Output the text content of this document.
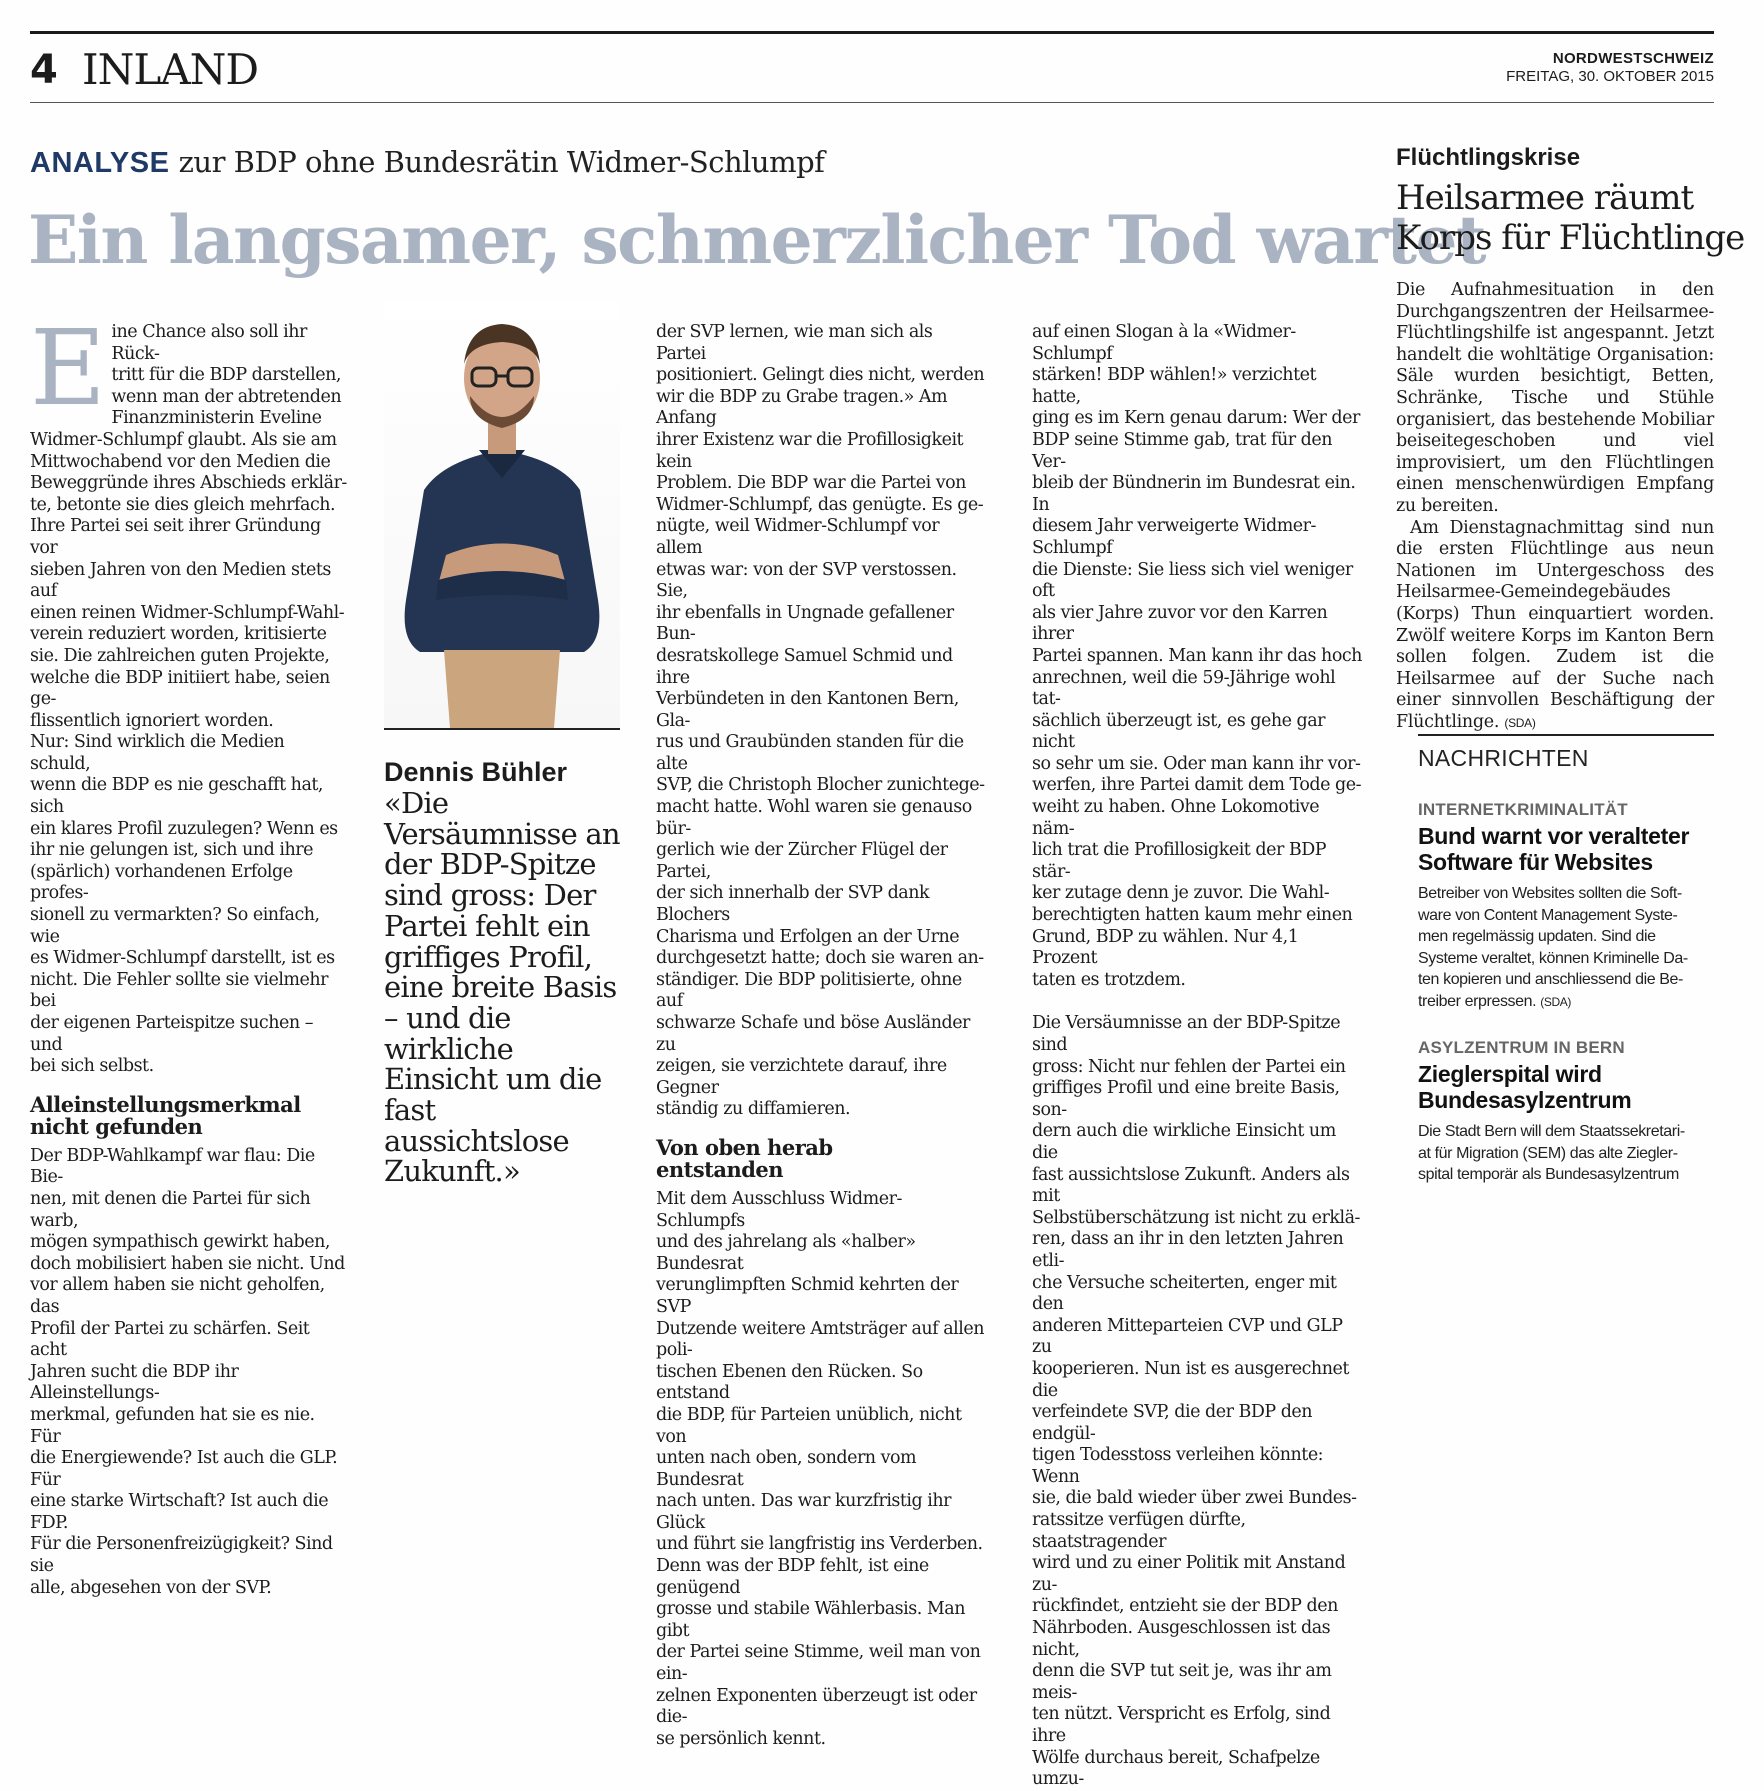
4 INLAND	NORDWESTSCHWEIZ
FREITAG, 30. OKTOBER 2015
ANALYSE zur BDP ohne Bundesrätin Widmer-Schlumpf
Ein langsamer, schmerzlicher Tod wartet
E ine Chance also soll ihr Rück-

tritt für die BDP darstellen,

wenn man der abtretenden

Finanzministerin Eveline

Widmer-Schlumpf glaubt. Als sie am

Mittwochabend vor den Medien die

Beweggründe ihres Abschieds erklär-

te, betonte sie dies gleich mehrfach.

Ihre Partei sei seit ihrer Gründung vor

sieben Jahren von den Medien stets auf

einen reinen Widmer-Schlumpf-Wahl-

verein reduziert worden, kritisierte

sie. Die zahlreichen guten Projekte,

welche die BDP initiiert habe, seien ge-

flissentlich ignoriert worden.

Nur: Sind wirklich die Medien schuld,

wenn die BDP es nie geschafft hat, sich

ein klares Profil zuzulegen? Wenn es

ihr nie gelungen ist, sich und ihre

(spärlich) vorhandenen Erfolge profes-

sionell zu vermarkten? So einfach, wie

es Widmer-Schlumpf darstellt, ist es

nicht. Die Fehler sollte sie vielmehr bei

der eigenen Parteispitze suchen – und

bei sich selbst.

Alleinstellungsmerkmal
nicht gefunden

Der BDP-Wahlkampf war flau: Die Bie-

nen, mit denen die Partei für sich warb,

mögen sympathisch gewirkt haben,

doch mobilisiert haben sie nicht. Und

vor allem haben sie nicht geholfen, das

Profil der Partei zu schärfen. Seit acht

Jahren sucht die BDP ihr Alleinstellungs-

merkmal, gefunden hat sie es nie. Für

die Energiewende? Ist auch die GLP. Für

eine starke Wirtschaft? Ist auch die FDP.

Für die Personenfreizügigkeit? Sind sie

alle, abgesehen von der SVP.

Dennis Bühler
«Die Versäumnisse an der BDP-Spitze sind gross: Der Partei fehlt ein griffiges Profil, eine breite Basis – und die wirkliche Einsicht um die fast aussichtslose Zukunft.»

der SVP lernen, wie man sich als Partei

positioniert. Gelingt dies nicht, werden

wir die BDP zu Grabe tragen.» Am Anfang

ihrer Existenz war die Profillosigkeit kein

Problem. Die BDP war die Partei von

Widmer-Schlumpf, das genügte. Es ge-

nügte, weil Widmer-Schlumpf vor allem

etwas war: von der SVP verstossen. Sie,

ihr ebenfalls in Ungnade gefallener Bun-

desratskollege Samuel Schmid und ihre

Verbündeten in den Kantonen Bern, Gla-

rus und Graubünden standen für die alte

SVP, die Christoph Blocher zunichtege-

macht hatte. Wohl waren sie genauso bür-

gerlich wie der Zürcher Flügel der Partei,

der sich innerhalb der SVP dank Blochers

Charisma und Erfolgen an der Urne

durchgesetzt hatte; doch sie waren an-

ständiger. Die BDP politisierte, ohne auf

schwarze Schafe und böse Ausländer zu

zeigen, sie verzichtete darauf, ihre Gegner

ständig zu diffamieren.

Von oben herab
entstanden

Mit dem Ausschluss Widmer-Schlumpfs

und des jahrelang als «halber» Bundesrat

verunglimpften Schmid kehrten der SVP

Dutzende weitere Amtsträger auf allen poli-

tischen Ebenen den Rücken. So entstand

die BDP, für Parteien unüblich, nicht von

unten nach oben, sondern vom Bundesrat

nach unten. Das war kurzfristig ihr Glück

und führt sie langfristig ins Verderben.

Denn was der BDP fehlt, ist eine genügend

grosse und stabile Wählerbasis. Man gibt

der Partei seine Stimme, weil man von ein-

zelnen Exponenten überzeugt ist oder die-

se persönlich kennt.

auf einen Slogan à la «Widmer-Schlumpf

stärken! BDP wählen!» verzichtet hatte,

ging es im Kern genau darum: Wer der

BDP seine Stimme gab, trat für den Ver-

bleib der Bündnerin im Bundesrat ein. In

diesem Jahr verweigerte Widmer-Schlumpf

die Dienste: Sie liess sich viel weniger oft

als vier Jahre zuvor vor den Karren ihrer

Partei spannen. Man kann ihr das hoch

anrechnen, weil die 59-Jährige wohl tat-

sächlich überzeugt ist, es gehe gar nicht

so sehr um sie. Oder man kann ihr vor-

werfen, ihre Partei damit dem Tode ge-

weiht zu haben. Ohne Lokomotive näm-

lich trat die Profillosigkeit der BDP stär-

ker zutage denn je zuvor. Die Wahl-

berechtigten hatten kaum mehr einen

Grund, BDP zu wählen. Nur 4,1 Prozent

taten es trotzdem.

Die Versäumnisse an der BDP-Spitze sind

gross: Nicht nur fehlen der Partei ein

griffiges Profil und eine breite Basis, son-

dern auch die wirkliche Einsicht um die

fast aussichtslose Zukunft. Anders als mit

Selbstüberschätzung ist nicht zu erklä-

ren, dass an ihr in den letzten Jahren etli-

che Versuche scheiterten, enger mit den

anderen Mitteparteien CVP und GLP zu

kooperieren. Nun ist es ausgerechnet die

verfeindete SVP, die der BDP den endgül-

tigen Todesstoss verleihen könnte: Wenn

sie, die bald wieder über zwei Bundes-

ratssitze verfügen dürfte, staatstragender

wird und zu einer Politik mit Anstand zu-

rückfindet, entzieht sie der BDP den

Nährboden. Ausgeschlossen ist das nicht,

denn die SVP tut seit je, was ihr am meis-

ten nützt. Verspricht es Erfolg, sind ihre

Wölfe durchaus bereit, Schafpelze umzu-

Flüchtlingskrise
Heilsarmee räumt
Korps für Flüchtlinge

Die Aufnahmesituation in den Durchgangszentren der Heilsarmee-Flüchtlingshilfe ist angespannt. Jetzt handelt die wohltätige Organisation: Säle wurden besichtigt, Betten, Schränke, Tische und Stühle organisiert, das bestehende Mobiliar beiseitegeschoben und viel improvisiert, um den Flüchtlingen einen menschenwürdigen Empfang zu bereiten.

Am Dienstagnachmittag sind nun die ersten Flüchtlinge aus neun Nationen im Untergeschoss des Heilsarmee-Gemeindegebäudes (Korps) Thun einquartiert worden. Zwölf weitere Korps im Kanton Bern sollen folgen. Zudem ist die Heilsarmee auf der Suche nach einer sinnvollen Beschäftigung der Flüchtlinge. (SDA)

NACHRICHTEN
INTERNETKRIMINALITÄT
Bund warnt vor veralteter
Software für Websites
Betreiber von Websites sollten die Soft-
ware von Content Management Syste-
men regelmässig updaten. Sind die
Systeme veraltet, können Kriminelle Da-
ten kopieren und anschliessend die Be-
treiber erpressen. (SDA)
ASYLZENTRUM IN BERN
Zieglerspital wird
Bundesasylzentrum
Die Stadt Bern will dem Staatssekretari-
at für Migration (SEM) das alte Ziegler-
spital temporär als Bundesasylzentrum
